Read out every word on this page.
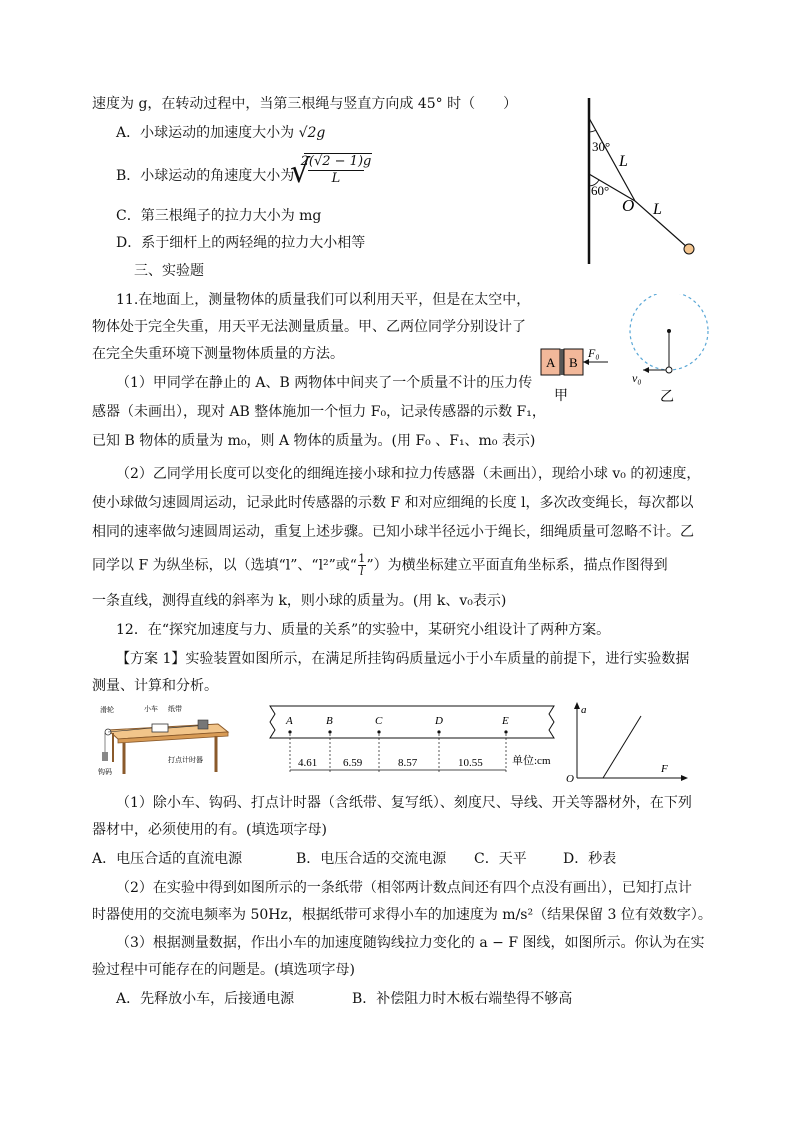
速度为 g，在转动过程中，当第三根绳与竖直方向成 45° 时（　　）
A．小球运动的加速度大小为 √2g
B．小球运动的角速度大小为
√
2(√2 − 1)g
L
C．第三根绳子的拉力大小为 mg
D．系于细杆上的两轻绳的拉力大小相等
30°
60°
L
O L
三、实验题
11.在地面上，测量物体的质量我们可以利用天平，但是在太空中，
物体处于完全失重，用天平无法测量质量。甲、乙两位同学分别设计了
在完全失重环境下测量物体质量的方法。
（1）甲同学在静止的 A、B 两物体中间夹了一个质量不计的压力传
感器（未画出），现对 AB 整体施加一个恒力 F₀，记录传感器的示数 F₁，
已知 B 物体的质量为 m₀，则 A 物体的质量为。(用 F₀ 、F₁、m₀ 表示)
A B
F₀
甲
v₀
乙
（2）乙同学用长度可以变化的细绳连接小球和拉力传感器（未画出），现给小球 v₀ 的初速度，
使小球做匀速圆周运动，记录此时传感器的示数 F 和对应细绳的长度 l，多次改变绳长，每次都以
相同的速率做匀速圆周运动，重复上述步骤。已知小球半径远小于绳长，细绳质量可忽略不计。乙
同学以 F 为纵坐标，以（选填“l”、“l²”或“ $\frac{1}{l}$ ”）为横坐标建立平面直角坐标系，描点作图得到
一条直线，测得直线的斜率为 k，则小球的质量为。(用 k、v₀表示)
12．在“探究加速度与力、质量的关系”的实验中，某研究小组设计了两种方案。
【方案 1】实验装置如图所示，在满足所挂钩码质量远小于小车质量的前提下，进行实验数据
测量、计算和分析。
滑轮	小车 纸带
钩码
打点计时器
A	B	C	D	E
4.61 6.59	8.57	10.55	单位:cm
a
F
O
（1）除小车、钩码、打点计时器（含纸带、复写纸）、刻度尺、导线、开关等器材外，在下列
器材中，必须使用的有。(填选项字母)
A．电压合适的直流电源	B．电压合适的交流电源 C．天平	D．秒表
（2）在实验中得到如图所示的一条纸带（相邻两计数点间还有四个点没有画出），已知打点计
时器使用的交流电频率为 50Hz，根据纸带可求得小车的加速度为 m/s²（结果保留 3 位有效数字）。
（3）根据测量数据，作出小车的加速度随钩线拉力变化的 a − F 图线，如图所示。你认为在实
验过程中可能存在的问题是。(填选项字母)
A．先释放小车，后接通电源	B．补偿阻力时木板右端垫得不够高
